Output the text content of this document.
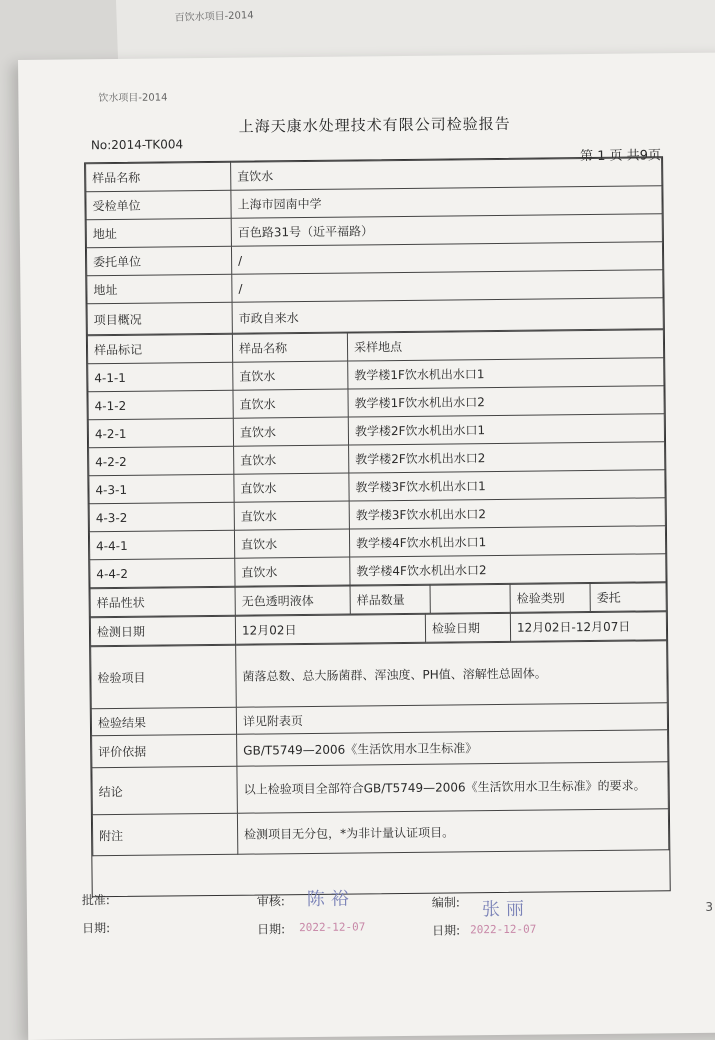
百饮水项目-2014
饮水项目-2014
上海天康水处理技术有限公司检验报告
No:2014-TK004
第 1 页 共9页
样品名称	直饮水
受检单位	上海市园南中学
地址	百色路31号（近平福路）
委托单位	/
地址	/
项目概况	市政自来水
样品标记	样品名称	采样地点
4-1-1	直饮水	教学楼1F饮水机出水口1
4-1-2	直饮水	教学楼1F饮水机出水口2
4-2-1	直饮水	教学楼2F饮水机出水口1
4-2-2	直饮水	教学楼2F饮水机出水口2
4-3-1	直饮水	教学楼3F饮水机出水口1
4-3-2	直饮水	教学楼3F饮水机出水口2
4-4-1	直饮水	教学楼4F饮水机出水口1
4-4-2	直饮水	教学楼4F饮水机出水口2
样品性状	无色透明液体	样品数量		检验类别	委托
检测日期	12月02日	检验日期	12月02日-12月07日
检验项目	菌落总数、总大肠菌群、浑浊度、PH值、溶解性总固体。
检验结果	详见附表页
评价依据	GB/T5749—2006《生活饮用水卫生标准》
结论	以上检验项目全部符合GB/T5749—2006《生活饮用水卫生标准》的要求。
附注	检测项目无分包，*为非计量认证项目。
批准:
日期:
审核: 陈裕
日期: 2022-12-07
编制: 张丽
日期: 2022-12-07
3
